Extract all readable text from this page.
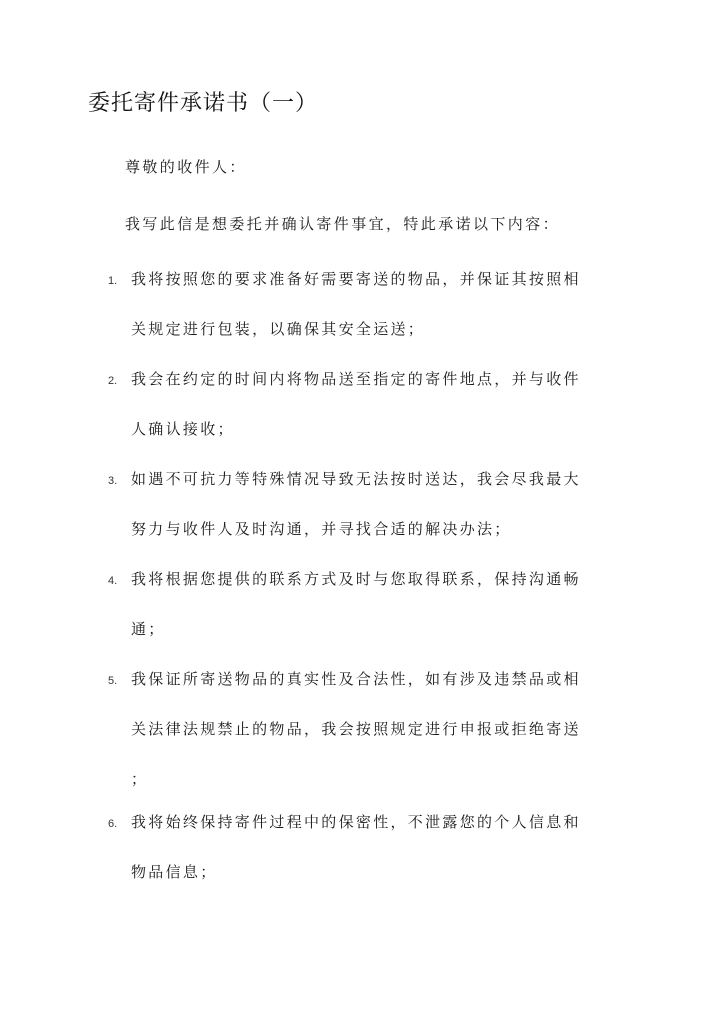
委托寄件承诺书（一）
尊敬的收件人：
我写此信是想委托并确认寄件事宜，特此承诺以下内容：
1. 我将按照您的要求准备好需要寄送的物品，并保证其按照相
关规定进行包装，以确保其安全运送；
2. 我会在约定的时间内将物品送至指定的寄件地点，并与收件
人确认接收；
3. 如遇不可抗力等特殊情况导致无法按时送达，我会尽我最大
努力与收件人及时沟通，并寻找合适的解决办法；
4. 我将根据您提供的联系方式及时与您取得联系，保持沟通畅
通；
5. 我保证所寄送物品的真实性及合法性，如有涉及违禁品或相
关法律法规禁止的物品，我会按照规定进行申报或拒绝寄送
；
6. 我将始终保持寄件过程中的保密性，不泄露您的个人信息和
物品信息；
